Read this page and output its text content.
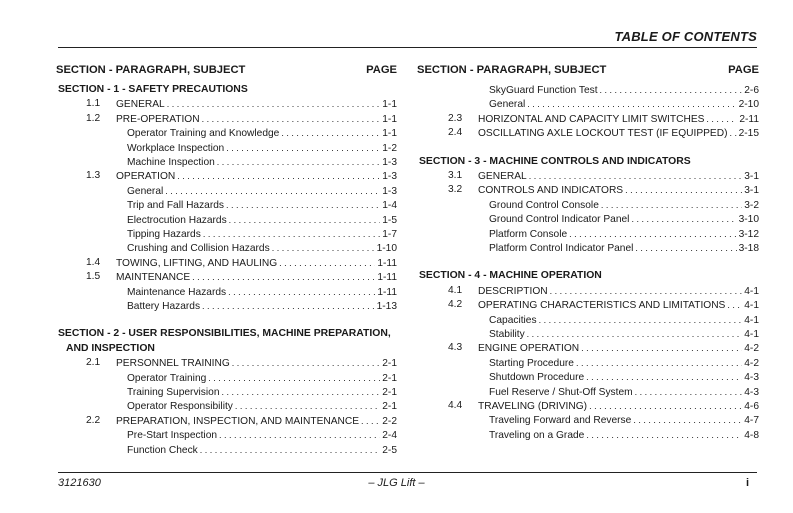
TABLE OF CONTENTS
SECTION - PARAGRAPH, SUBJECT	PAGE
SECTION - 1 - SAFETY PRECAUTIONS
1.1 GENERAL . . .	1-1
1.2 PRE-OPERATION . . .	1-1
Operator Training and Knowledge . . .	1-1
Workplace Inspection . . .	1-2
Machine Inspection . . .	1-3
1.3 OPERATION . . .	1-3
General . . .	1-3
Trip and Fall Hazards . . .	1-4
Electrocution Hazards . . .	1-5
Tipping Hazards . . .	1-7
Crushing and Collision Hazards . . .	1-10
1.4 TOWING, LIFTING, AND HAULING . . .	1-11
1.5 MAINTENANCE . . .	1-11
Maintenance Hazards . . .	1-11
Battery Hazards . . .	1-13
SECTION - 2 - USER RESPONSIBILITIES, MACHINE PREPARATION,
AND INSPECTION
2.1 PERSONNEL TRAINING . . .	2-1
Operator Training . . .	2-1
Training Supervision . . .	2-1
Operator Responsibility . . .	2-1
2.2 PREPARATION, INSPECTION, AND MAINTENANCE . . . 2-2
Pre-Start Inspection . . .	2-4
Function Check . . .	2-5
SECTION - PARAGRAPH, SUBJECT	PAGE
SkyGuard Function Test . . .	2-6
General . . .	2-10
2.3 HORIZONTAL AND CAPACITY LIMIT SWITCHES . . .	2-11
2.4 OSCILLATING AXLE LOCKOUT TEST (IF EQUIPPED) . . . 2-15
SECTION - 3 - MACHINE CONTROLS AND INDICATORS
3.1 GENERAL . . .	3-1
3.2 CONTROLS AND INDICATORS . . .	3-1
Ground Control Console . . .	3-2
Ground Control Indicator Panel . . .	3-10
Platform Console . . .	3-12
Platform Control Indicator Panel . . .	3-18
SECTION - 4 - MACHINE OPERATION
4.1 DESCRIPTION . . .	4-1
4.2 OPERATING CHARACTERISTICS AND LIMITATIONS . . . 4-1
Capacities . . .	4-1
Stability . . .	4-1
4.3 ENGINE OPERATION . . .	4-2
Starting Procedure . . .	4-2
Shutdown Procedure . . .	4-3
Fuel Reserve / Shut-Off System . . .	4-3
4.4 TRAVELING (DRIVING) . . .	4-6
Traveling Forward and Reverse . . .	4-7
Traveling on a Grade . . .	4-8
3121630	– JLG Lift –	i
